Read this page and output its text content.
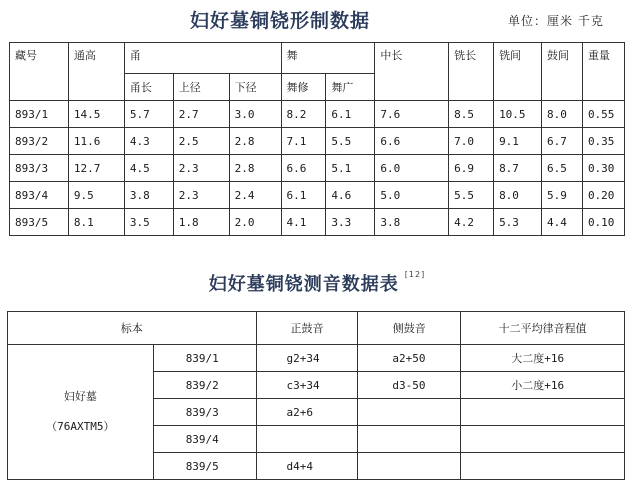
妇好墓铜铙形制数据	单位：厘米 千克
藏号	通高	甬			舞		中长	铣长	铣间	鼓间	重量
		甬长	上径	下径	舞修	舞广					
893/1	14.5	5.7	2.7	3.0	8.2	6.1	7.6	8.5	10.5	8.0	0.55
893/2	11.6	4.3	2.5	2.8	7.1	5.5	6.6	7.0	9.1	6.7	0.35
893/3	12.7	4.5	2.3	2.8	6.6	5.1	6.0	6.9	8.7	6.5	0.30
893/4	9.5	3.8	2.3	2.4	6.1	4.6	5.0	5.5	8.0	5.9	0.20
893/5	8.1	3.5	1.8	2.0	4.1	3.3	3.8	4.2	5.3	4.4	0.10
妇好墓铜铙测音数据表 [12]
标本		正鼓音	侧鼓音	十二平均律音程值

妇好墓
（76AXTM5）	839/1	g2+34	a2+50	大二度+16
	839/2	c3+34	d3-50	小二度+16
	839/3	a2+6		
	839/4			
	839/5	d4+4		
